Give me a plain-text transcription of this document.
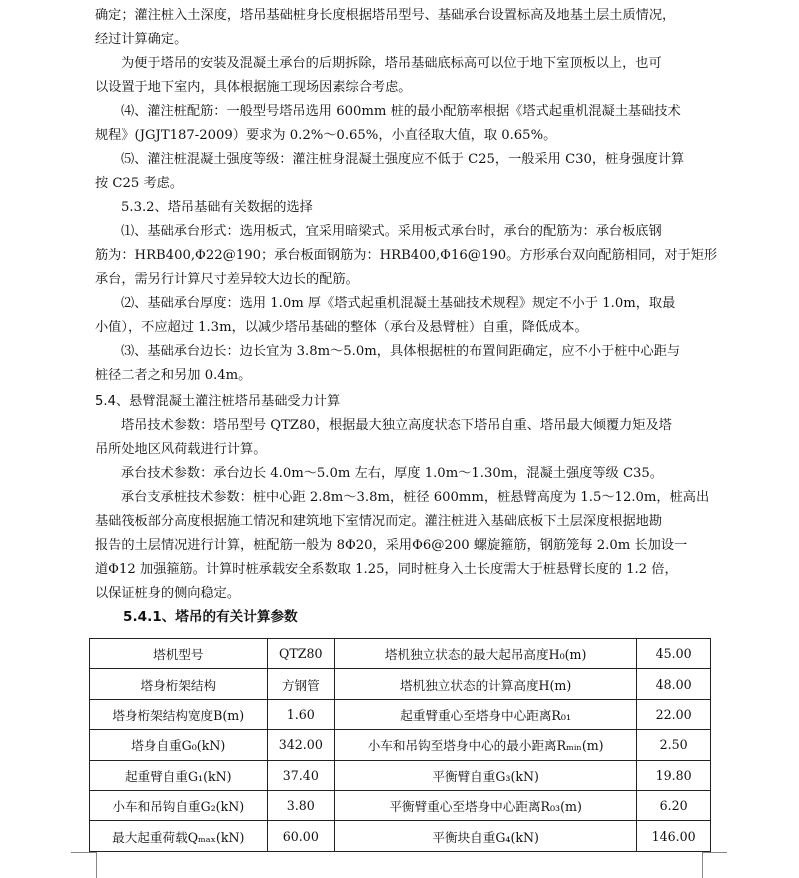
确定；灌注桩入土深度，塔吊基础桩身长度根据塔吊型号、基础承台设置标高及地基土层土质情况，
经过计算确定。
为便于塔吊的安装及混凝土承台的后期拆除，塔吊基础底标高可以位于地下室顶板以上，也可
以设置于地下室内，具体根据施工现场因素综合考虑。
⑷、灌注桩配筋：一般型号塔吊选用 600mm 桩的最小配筋率根据《塔式起重机混凝土基础技术
规程》(JGJT187-2009）要求为 0.2%～0.65%，小直径取大值，取 0.65%。
⑸、灌注桩混凝土强度等级：灌注桩身混凝土强度应不低于 C25，一般采用 C30，桩身强度计算
按 C25 考虑。
5.3.2、塔吊基础有关数据的选择
⑴、基础承台形式：选用板式，宜采用暗梁式。采用板式承台时，承台的配筋为：承台板底钢
筋为：HRB400,Φ22@190；承台板面钢筋为：HRB400,Φ16@190。方形承台双向配筋相同，对于矩形
承台，需另行计算尺寸差异较大边长的配筋。
⑵、基础承台厚度：选用 1.0m 厚《塔式起重机混凝土基础技术规程》规定不小于 1.0m，取最
小值），不应超过 1.3m，以减少塔吊基础的整体（承台及悬臂桩）自重，降低成本。
⑶、基础承台边长：边长宜为 3.8m～5.0m，具体根据桩的布置间距确定，应不小于桩中心距与
桩径二者之和另加 0.4m。
5.4、悬臂混凝土灌注桩塔吊基础受力计算
塔吊技术参数：塔吊型号 QTZ80，根据最大独立高度状态下塔吊自重、塔吊最大倾覆力矩及塔
吊所处地区风荷载进行计算。
承台技术参数：承台边长 4.0m～5.0m 左右，厚度 1.0m～1.30m，混凝土强度等级 C35。
承台支承桩技术参数：桩中心距 2.8m～3.8m，桩径 600mm，桩悬臂高度为 1.5～12.0m，桩高出
基础筏板部分高度根据施工情况和建筑地下室情况而定。灌注桩进入基础底板下土层深度根据地勘
报告的土层情况进行计算，桩配筋一般为 8Φ20，采用Φ6@200 螺旋箍筋，钢筋笼每 2.0m 长加设一
道Φ12 加强箍筋。计算时桩承载安全系数取 1.25，同时桩身入土长度需大于桩悬臂长度的 1.2 倍，
以保证桩身的侧向稳定。
5.4.1、塔吊的有关计算参数
塔机型号	QTZ80	塔机独立状态的最大起吊高度H₀(m)	45.00
塔身桁架结构	方钢管	塔机独立状态的计算高度H(m)	48.00
塔身桁架结构宽度B(m)	1.60	起重臂重心至塔身中心距离R₀₁	22.00
塔身自重G₀(kN)	342.00	小车和吊钩至塔身中心的最小距离Rₘᵢₙ(m)	2.50
起重臂自重G₁(kN)	37.40	平衡臂自重G₃(kN)	19.80
小车和吊钩自重G₂(kN)	3.80	平衡臂重心至塔身中心距离R₀₃(m)	6.20
最大起重荷载Qₘₐₓ(kN)	60.00	平衡块自重G₄(kN)	146.00
